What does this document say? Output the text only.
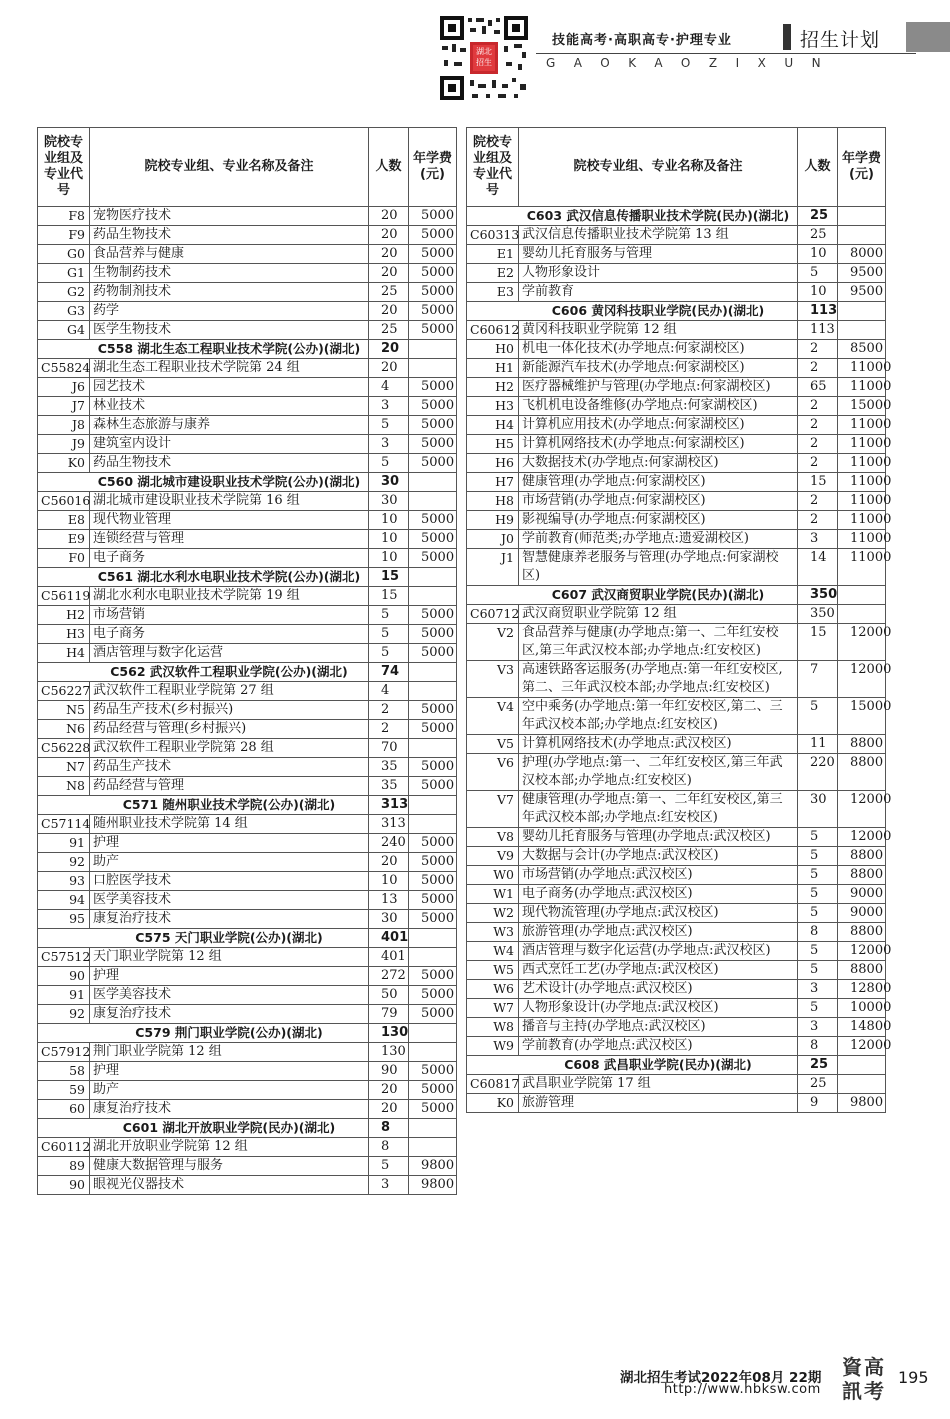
湖北
招生
技能高考·高职高专·护理专业	招生计划
GAOKAOZIXUN
院校专业组及专业代号	院校专业组、专业名称及备注	人数	年学费(元)
F8	宠物医疗技术	20	5000
F9	药品生物技术	20	5000
G0	食品营养与健康	20	5000
G1	生物制药技术	20	5000
G2	药物制剂技术	25	5000
G3	药学	20	5000
G4	医学生物技术	25	5000
	C558 湖北生态工程职业技术学院(公办)(湖北)	20	
C55824	湖北生态工程职业技术学院第 24 组	20	
J6	园艺技术	4	5000
J7	林业技术	3	5000
J8	森林生态旅游与康养	5	5000
J9	建筑室内设计	3	5000
K0	药品生物技术	5	5000
	C560 湖北城市建设职业技术学院(公办)(湖北)	30	
C56016	湖北城市建设职业技术学院第 16 组	30	
E8	现代物业管理	10	5000
E9	连锁经营与管理	10	5000
F0	电子商务	10	5000
	C561 湖北水利水电职业技术学院(公办)(湖北)	15	
C56119	湖北水利水电职业技术学院第 19 组	15	
H2	市场营销	5	5000
H3	电子商务	5	5000
H4	酒店管理与数字化运营	5	5000
	C562 武汉软件工程职业学院(公办)(湖北)	74	
C56227	武汉软件工程职业学院第 27 组	4	
N5	药品生产技术(乡村振兴)	2	5000
N6	药品经营与管理(乡村振兴)	2	5000
C56228	武汉软件工程职业学院第 28 组	70	
N7	药品生产技术	35	5000
N8	药品经营与管理	35	5000
	C571 随州职业技术学院(公办)(湖北)	313	
C57114	随州职业技术学院第 14 组	313	
91	护理	240	5000
92	助产	20	5000
93	口腔医学技术	10	5000
94	医学美容技术	13	5000
95	康复治疗技术	30	5000
	C575 天门职业学院(公办)(湖北)	401	
C57512	天门职业学院第 12 组	401	
90	护理	272	5000
91	医学美容技术	50	5000
92	康复治疗技术	79	5000
	C579 荆门职业学院(公办)(湖北)	130	
C57912	荆门职业学院第 12 组	130	
58	护理	90	5000
59	助产	20	5000
60	康复治疗技术	20	5000
	C601 湖北开放职业学院(民办)(湖北)	8	
C60112	湖北开放职业学院第 12 组	8	
89	健康大数据管理与服务	5	9800
90	眼视光仪器技术	3	9800
院校专业组及专业代号	院校专业组、专业名称及备注	人数	年学费(元)
	C603 武汉信息传播职业技术学院(民办)(湖北)	25	
C60313	武汉信息传播职业技术学院第 13 组	25	
E1	婴幼儿托育服务与管理	10	8000
E2	人物形象设计	5	9500
E3	学前教育	10	9500
	C606 黄冈科技职业学院(民办)(湖北)	113	
C60612	黄冈科技职业学院第 12 组	113	
H0	机电一体化技术(办学地点:何家湖校区)	2	8500
H1	新能源汽车技术(办学地点:何家湖校区)	2	11000
H2	医疗器械维护与管理(办学地点:何家湖校区)	65	11000
H3	飞机机电设备维修(办学地点:何家湖校区)	2	15000
H4	计算机应用技术(办学地点:何家湖校区)	2	11000
H5	计算机网络技术(办学地点:何家湖校区)	2	11000
H6	大数据技术(办学地点:何家湖校区)	2	11000
H7	健康管理(办学地点:何家湖校区)	15	11000
H8	市场营销(办学地点:何家湖校区)	2	11000
H9	影视编导(办学地点:何家湖校区)	2	11000
J0	学前教育(师范类;办学地点:遗爱湖校区)	3	11000
J1	智慧健康养老服务与管理(办学地点:何家湖校区)	14	11000
	C607 武汉商贸职业学院(民办)(湖北)	350	
C60712	武汉商贸职业学院第 12 组	350	
V2	食品营养与健康(办学地点:第一、二年红安校区,第三年武汉校本部;办学地点:红安校区)	15	12000
V3	高速铁路客运服务(办学地点:第一年红安校区,第二、三年武汉校本部;办学地点:红安校区)	7	12000
V4	空中乘务(办学地点:第一年红安校区,第二、三年武汉校本部;办学地点:红安校区)	5	15000
V5	计算机网络技术(办学地点:武汉校区)	11	8800
V6	护理(办学地点:第一、二年红安校区,第三年武汉校本部;办学地点:红安校区)	220	8800
V7	健康管理(办学地点:第一、二年红安校区,第三年武汉校本部;办学地点:红安校区)	30	12000
V8	婴幼儿托育服务与管理(办学地点:武汉校区)	5	12000
V9	大数据与会计(办学地点:武汉校区)	5	8800
W0	市场营销(办学地点:武汉校区)	5	8800
W1	电子商务(办学地点:武汉校区)	5	9000
W2	现代物流管理(办学地点:武汉校区)	5	9000
W3	旅游管理(办学地点:武汉校区)	8	8800
W4	酒店管理与数字化运营(办学地点:武汉校区)	5	12000
W5	西式烹饪工艺(办学地点:武汉校区)	5	8800
W6	艺术设计(办学地点:武汉校区)	3	12800
W7	人物形象设计(办学地点:武汉校区)	5	10000
W8	播音与主持(办学地点:武汉校区)	3	14800
W9	学前教育(办学地点:武汉校区)	8	12000
	C608 武昌职业学院(民办)(湖北)	25	
C60817	武昌职业学院第 17 组	25	
K0	旅游管理	9	9800
湖北招生考试2022年08月 22期
http://www.hbksw.com
資 高
訊 考
195
